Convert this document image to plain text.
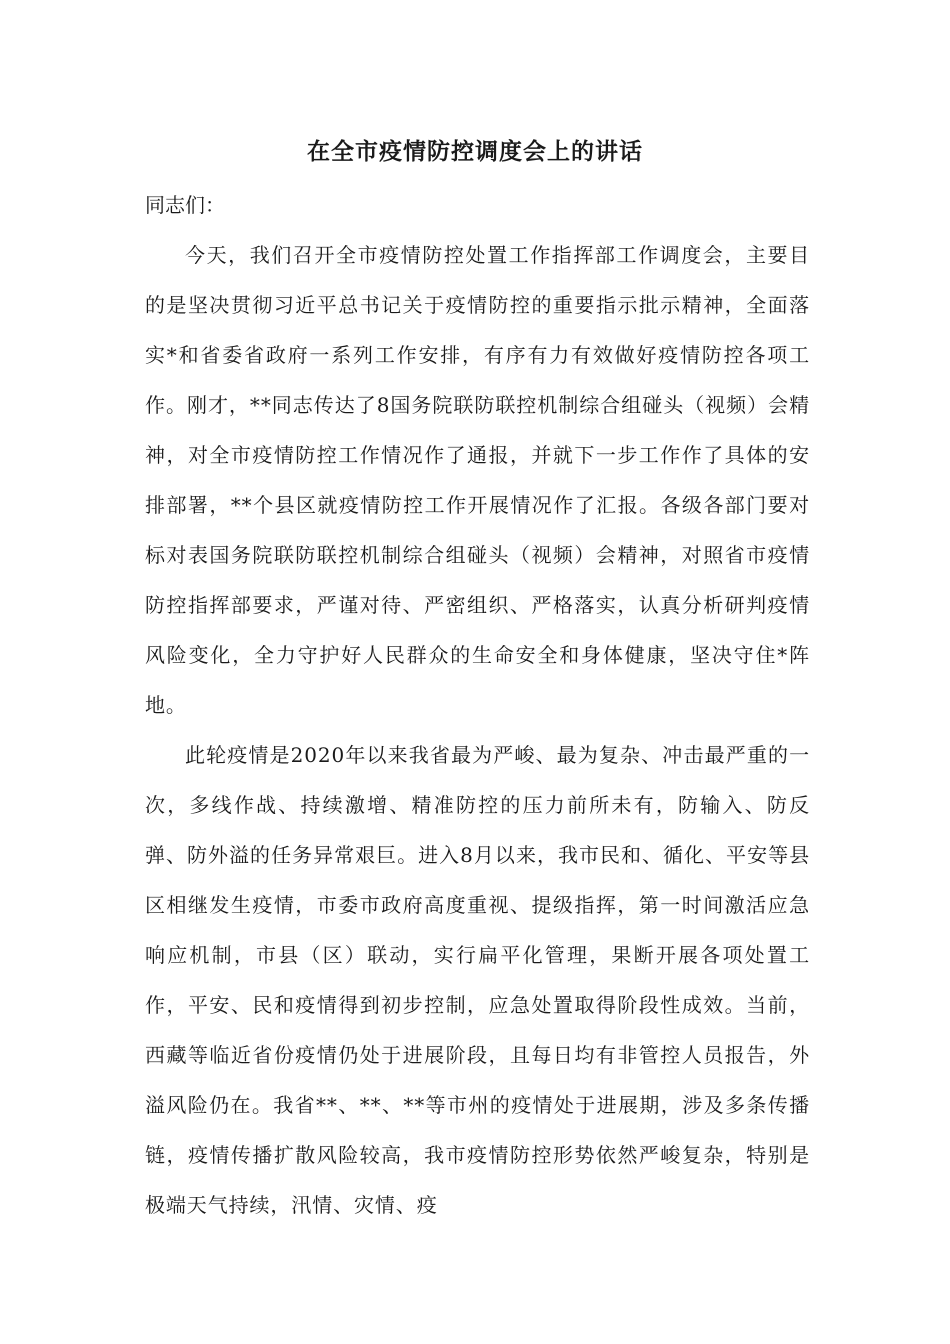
在全市疫情防控调度会上的讲话

同志们：

今天，我们召开全市疫情防控处置工作指挥部工作调度会，主要目的是坚决贯彻习近平总书记关于疫情防控的重要指示批示精神，全面落实*和省委省政府一系列工作安排，有序有力有效做好疫情防控各项工作。刚才，**同志传达了8国务院联防联控机制综合组碰头（视频）会精神，对全市疫情防控工作情况作了通报，并就下一步工作作了具体的安排部署，**个县区就疫情防控工作开展情况作了汇报。各级各部门要对标对表国务院联防联控机制综合组碰头（视频）会精神，对照省市疫情防控指挥部要求，严谨对待、严密组织、严格落实，认真分析研判疫情风险变化，全力守护好人民群众的生命安全和身体健康，坚决守住*阵地。

此轮疫情是2020年以来我省最为严峻、最为复杂、冲击最严重的一次，多线作战、持续激增、精准防控的压力前所未有，防输入、防反弹、防外溢的任务异常艰巨。进入8月以来，我市民和、循化、平安等县区相继发生疫情，市委市政府高度重视、提级指挥，第一时间激活应急响应机制，市县（区）联动，实行扁平化管理，果断开展各项处置工作，平安、民和疫情得到初步控制，应急处置取得阶段性成效。当前，西藏等临近省份疫情仍处于进展阶段，且每日均有非管控人员报告，外溢风险仍在。我省**、**、**等市州的疫情处于进展期，涉及多条传播链，疫情传播扩散风险较高，我市疫情防控形势依然严峻复杂，特别是极端天气持续，汛情、灾情、疫
